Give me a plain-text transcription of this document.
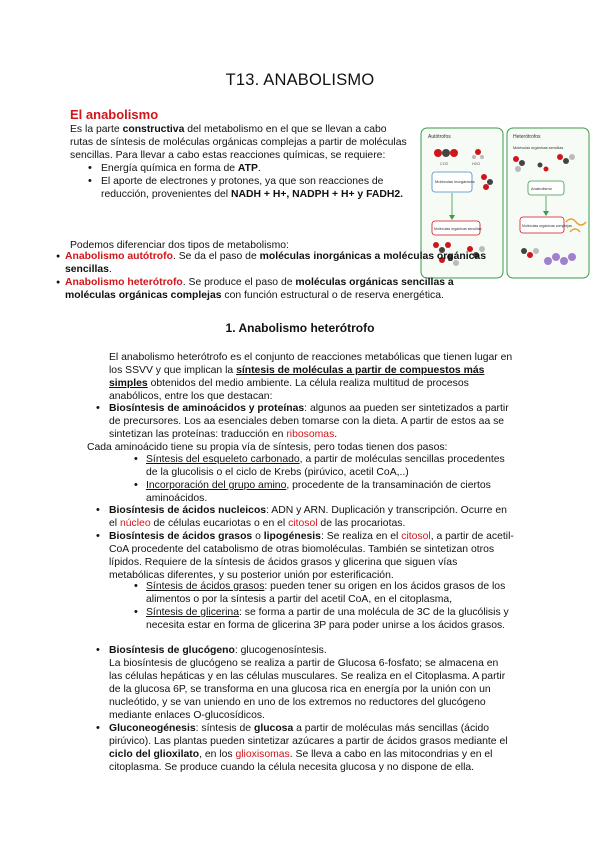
T13. ANABOLISMO
El anabolismo

Es la parte constructiva del metabolismo en el que se llevan a cabo rutas de síntesis de moléculas orgánicas complejas a partir de moléculas sencillas. Para llevar a cabo estas reacciones químicas, se requiere:

• Energía química en forma de ATP.
• El aporte de electrones y protones, ya que son reacciones de reducción, provenientes del NADH + H+, NADPH + H+ y FADH2.
Autótrofos	Heterótrofos
CO2	H2O
Moléculas inorgánicas
Moléculas orgánicas sencillas
Moléculas orgánicas sencillas
Anabolismo
Moléculas orgánicas complejas

Podemos diferenciar dos tipos de metabolismo:

● Anabolismo autótrofo. Se da el paso de moléculas inorgánicas a moléculas orgánicas sencillas.

● Anabolismo heterótrofo. Se produce el paso de moléculas orgánicas sencillas a moléculas orgánicas complejas con función estructural o de reserva energética.

1. Anabolismo heterótrofo

El anabolismo heterótrofo es el conjunto de reacciones metabólicas que tienen lugar en los SSVV y que implican la síntesis de moléculas a partir de compuestos más simples obtenidos del medio ambiente. La célula realiza multitud de procesos anabólicos, entre los que destacan:

• Biosíntesis de aminoácidos y proteínas: algunos aa pueden ser sintetizados a partir de precursores. Los aa esenciales deben tomarse con la dieta. A partir de estos aa se sintetizan las proteínas: traducción en ribosomas.

Cada aminoácido tiene su propia vía de síntesis, pero todas tienen dos pasos:

• Síntesis del esqueleto carbonado, a partir de moléculas sencillas procedentes de la glucolisis o el ciclo de Krebs (pirúvico, acetil CoA,..)
• Incorporación del grupo amino, procedente de la transaminación de ciertos aminoácidos.
• Biosíntesis de ácidos nucleicos: ADN y ARN. Duplicación y transcripción. Ocurre en el núcleo de células eucariotas o en el citosol de las procariotas.
• Biosíntesis de ácidos grasos o lipogénesis: Se realiza en el citosol, a partir de acetil-CoA procedente del catabolismo de otras biomoléculas. También se sintetizan otros lípidos. Requiere de la síntesis de ácidos grasos y glicerina que siguen vías metabólicas diferentes, y su posterior unión por esterificación.
• Síntesis de ácidos grasos: pueden tener su origen en los ácidos grasos de los alimentos o por la síntesis a partir del acetil CoA, en el citoplasma,
• Síntesis de glicerina: se forma a partir de una molécula de 3C de la glucólisis y necesita estar en forma de glicerina 3P para poder unirse a los ácidos grasos.
• Biosíntesis de glucógeno: glucogenosíntesis.

La biosíntesis de glucógeno se realiza a partir de Glucosa 6-fosfato; se almacena en las células hepáticas y en las células musculares. Se realiza en el Citoplasma. A partir de la glucosa 6P, se transforma en una glucosa rica en energía por la unión con un nucleótido, y se van uniendo en uno de los extremos no reductores del glucógeno mediante enlaces O-glucosídicos.

• Gluconeogénesis: síntesis de glucosa a partir de moléculas más sencillas (ácido pirúvico). Las plantas pueden sintetizar azúcares a partir de ácidos grasos mediante el ciclo del glioxilato, en los glioxisomas. Se lleva a cabo en las mitocondrias y en el citoplasma. Se produce cuando la célula necesita glucosa y no dispone de ella.
